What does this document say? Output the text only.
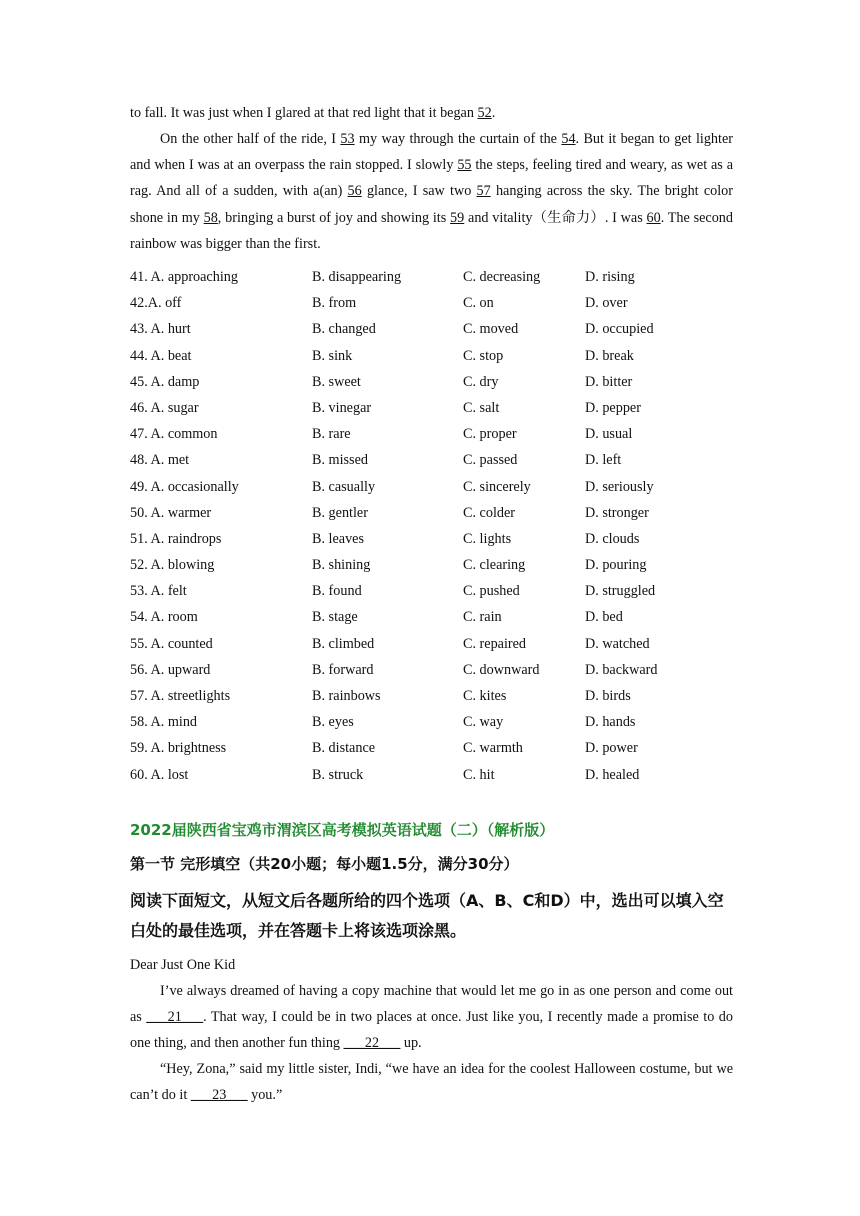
to fall. It was just when I glared at that red light that it began 52.
On the other half of the ride, I 53 my way through the curtain of the 54. But it began to get lighter and when I was at an overpass the rain stopped. I slowly 55 the steps, feeling tired and weary, as wet as a rag. And all of a sudden, with a(an) 56 glance, I saw two 57 hanging across the sky. The bright color shone in my 58, bringing a burst of joy and showing its 59 and vitality（生命力）. I was 60. The second rainbow was bigger than the first.
41. A. approaching	B. disappearing	C. decreasing	D. rising
42.A. off	B. from	C. on	D. over
43. A. hurt	B. changed	C. moved	D. occupied
44. A. beat	B. sink	C. stop	D. break
45. A. damp	B. sweet	C. dry	D. bitter
46. A. sugar	B. vinegar	C. salt	D. pepper
47. A. common	B. rare	C. proper	D. usual
48. A. met	B. missed	C. passed	D. left
49. A. occasionally	B. casually	C. sincerely	D. seriously
50. A. warmer	B. gentler	C. colder	D. stronger
51. A. raindrops	B. leaves	C. lights	D. clouds
52. A. blowing	B. shining	C. clearing	D. pouring
53. A. felt	B. found	C. pushed	D. struggled
54. A. room	B. stage	C. rain	D. bed
55. A. counted	B. climbed	C. repaired	D. watched
56. A. upward	B. forward	C. downward	D. backward
57. A. streetlights	B. rainbows	C. kites	D. birds
58. A. mind	B. eyes	C. way	D. hands
59. A. brightness	B. distance	C. warmth	D. power
60. A. lost	B. struck	C. hit	D. healed
2022届陕西省宝鸡市渭滨区高考模拟英语试题（二）（解析版）
第一节 完形填空（共20小题；每小题1.5分，满分30分）
阅读下面短文，从短文后各题所给的四个选项（A、B、C和D）中，选出可以填入空白处的最佳选项，并在答题卡上将该选项涂黑。
Dear Just One Kid
I’ve always dreamed of having a copy machine that would let me go in as one person and come out as ___21___. That way, I could be in two places at once. Just like you, I recently made a promise to do one thing, and then another fun thing ___22___ up.
“Hey, Zona,” said my little sister, Indi, “we have an idea for the coolest Halloween costume, but we can’t do it ___23___ you.”
